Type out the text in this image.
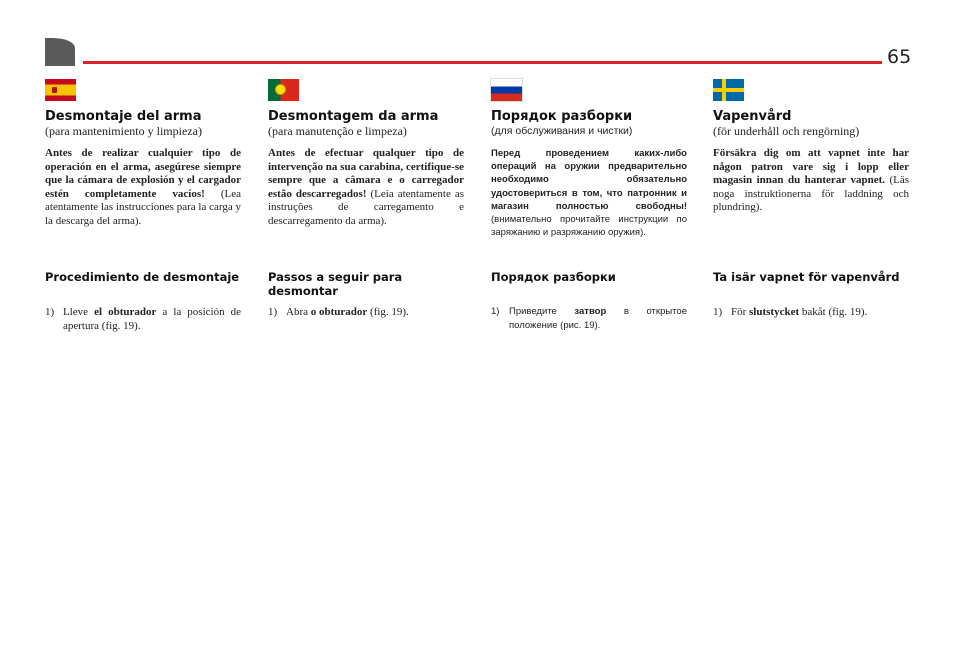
65

Desmontaje del arma

(para mantenimiento y limpieza)

Antes de realizar cualquier tipo de operación en el arma, asegúrese siempre que la cámara de explosión y el cargador estén completamente vacíos! (Lea atentamente las instrucciones para la carga y la descarga del arma).

Procedimiento de desmontaje

1) Lleve el obturador a la posición de apertura (fig. 19).

Desmontagem da arma

(para manutenção e limpeza)

Antes de efectuar qualquer tipo de intervenção na sua carabina, certifique-se sempre que a câmara e o carregador estão descarregados! (Leia atentamente as instruções de carregamento e descarregamento da arma).

Passos a seguir para desmontar

1) Abra o obturador (fig. 19).

Порядок разборки

(для обслуживания и чистки)

Перед проведением каких-либо операций на оружии предварительно необходимо обязательно удостовериться в том, что патронник и магазин полностью свободны! (внимательно прочитайте инструкции по заряжанию и разряжанию оружия).

Порядок разборки

1) Приведите затвор в открытое положение (рис. 19).

Vapenvård

(för underhåll och rengörning)

Försäkra dig om att vapnet inte har någon patron vare sig i lopp eller magasin innan du hanterar vapnet. (Läs noga instruktionerna för laddning och plundring).

Ta isär vapnet för vapenvård

1) För slutstycket bakåt (fig. 19).
